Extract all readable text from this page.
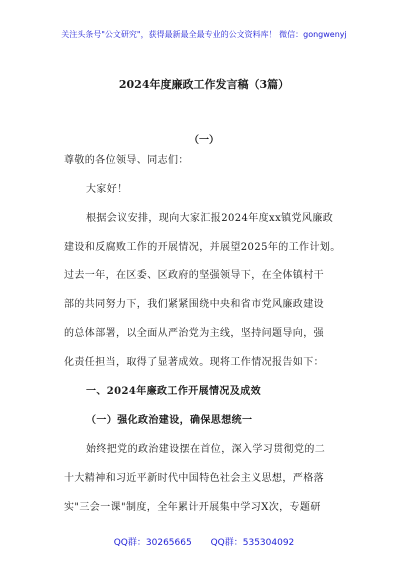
关注头条号"公文研究"，获得最新最全最专业的公文资料库！ 微信：gongwenyj
2024年度廉政工作发言稿（3篇）
（一）
尊敬的各位领导、同志们：
大家好！
根据会议安排，现向大家汇报2024年度xx镇党风廉政
建设和反腐败工作的开展情况，并展望2025年的工作计划。
过去一年，在区委、区政府的坚强领导下，在全体镇村干
部的共同努力下，我们紧紧围绕中央和省市党风廉政建设
的总体部署，以全面从严治党为主线，坚持问题导向，强
化责任担当，取得了显著成效。现将工作情况报告如下：
一、2024年廉政工作开展情况及成效
（一）强化政治建设，确保思想统一
始终把党的政治建设摆在首位，深入学习贯彻党的二
十大精神和习近平新时代中国特色社会主义思想，严格落
实"三会一课"制度，全年累计开展集中学习X次，专题研
QQ群：30265665 QQ群：535304092
